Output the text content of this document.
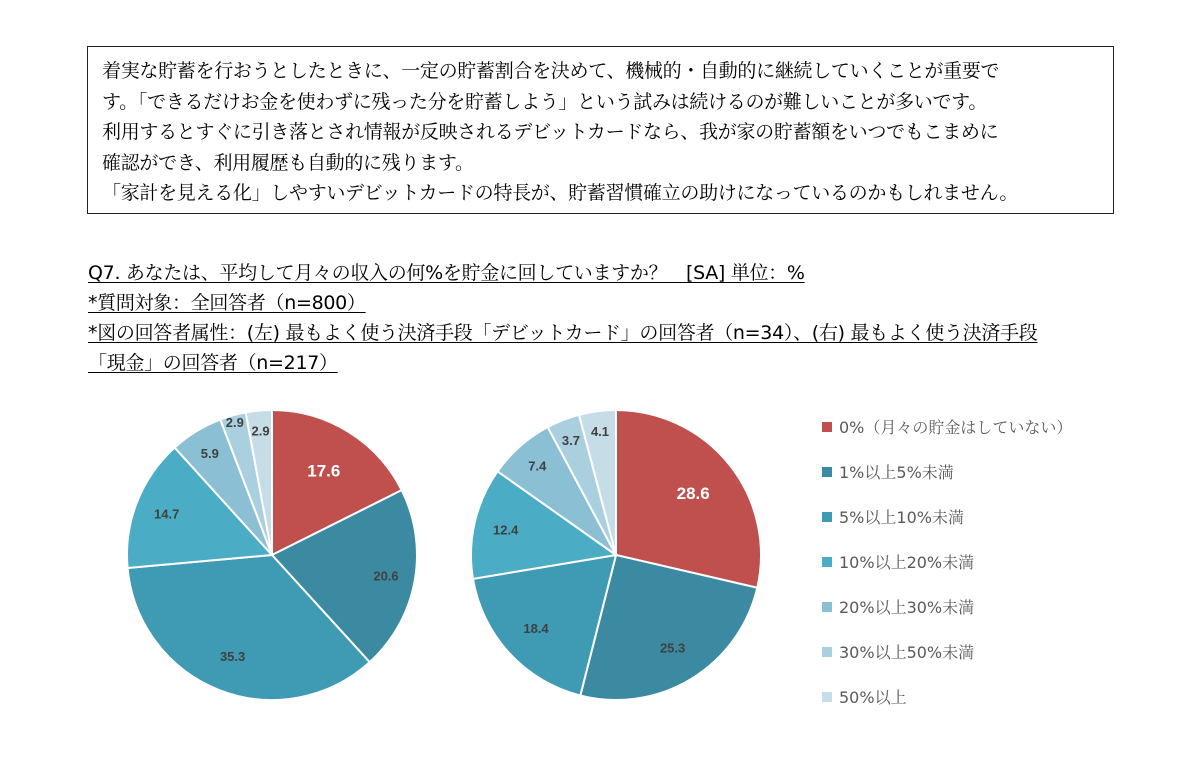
着実な貯蓄を行おうとしたときに、一定の貯蓄割合を決めて、機械的・自動的に継続していくことが重要で

す。「できるだけお金を使わずに残った分を貯蓄しよう」という試みは続けるのが難しいことが多いです。

利用するとすぐに引き落とされ情報が反映されるデビットカードなら、我が家の貯蓄額をいつでもこまめに

確認ができ、利用履歴も自動的に残ります。

「家計を見える化」しやすいデビットカードの特長が、貯蓄習慣確立の助けになっているのかもしれません。

Q7. あなたは、平均して月々の収入の何%を貯金に回していますか？　[SA] 単位：%

*質問対象：全回答者（n=800）

*図の回答者属性：(左) 最もよく使う決済手段「デビットカード」の回答者（n=34）、(右) 最もよく使う決済手段

「現金」の回答者（n=217）

17.6
20.6
35.3
14.7
5.9
2.9
2.9
28.6
25.3
18.4
12.4
7.4
3.7
4.1	0%（月々の貯金はしていない）
1%以上5%未満
5%以上10%未満
10%以上20%未満
20%以上30%未満
30%以上50%未満
50%以上
